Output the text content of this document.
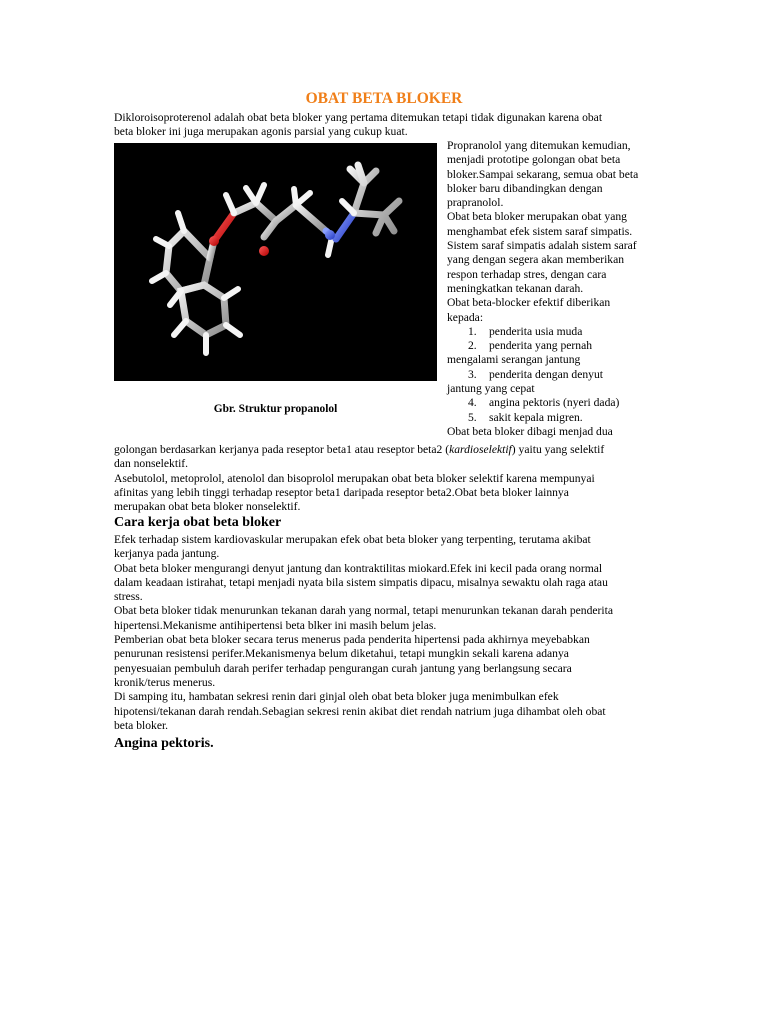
OBAT BETA BLOKER
Dikloroisoproterenol adalah obat beta bloker yang pertama ditemukan tetapi tidak digunakan karena obat
beta bloker ini juga merupakan agonis parsial yang cukup kuat.
Gbr. Struktur propanolol
Propranolol yang ditemukan kemudian,
menjadi prototipe golongan obat beta
bloker.Sampai sekarang, semua obat beta
bloker baru dibandingkan dengan
prapranolol.
Obat beta bloker merupakan obat yang
menghambat efek sistem saraf simpatis.
Sistem saraf simpatis adalah sistem saraf
yang dengan segera akan memberikan
respon terhadap stres, dengan cara
meningkatkan tekanan darah.
Obat beta-blocker efektif diberikan
kepada:
1. penderita usia muda
2. penderita yang pernah
mengalami serangan jantung
3. penderita dengan denyut
jantung yang cepat
4. angina pektoris (nyeri dada)
5. sakit kepala migren.
Obat beta bloker dibagi menjad dua
golongan berdasarkan kerjanya pada reseptor beta1 atau reseptor beta2 (kardioselektif) yaitu yang selektif
dan nonselektif.
Asebutolol, metoprolol, atenolol dan bisoprolol merupakan obat beta bloker selektif karena mempunyai
afinitas yang lebih tinggi terhadap reseptor beta1 daripada reseptor beta2.Obat beta bloker lainnya
merupakan obat beta bloker nonselektif.
Cara kerja obat beta bloker
Efek terhadap sistem kardiovaskular merupakan efek obat beta bloker yang terpenting, terutama akibat
kerjanya pada jantung.
Obat beta bloker mengurangi denyut jantung dan kontraktilitas miokard.Efek ini kecil pada orang normal
dalam keadaan istirahat, tetapi menjadi nyata bila sistem simpatis dipacu, misalnya sewaktu olah raga atau
stress.
Obat beta bloker tidak menurunkan tekanan darah yang normal, tetapi menurunkan tekanan darah penderita
hipertensi.Mekanisme antihipertensi beta blker ini masih belum jelas.
Pemberian obat beta bloker secara terus menerus pada penderita hipertensi pada akhirnya meyebabkan
penurunan resistensi perifer.Mekanismenya belum diketahui, tetapi mungkin sekali karena adanya
penyesuaian pembuluh darah perifer terhadap pengurangan curah jantung yang berlangsung secara
kronik/terus menerus.
Di samping itu, hambatan sekresi renin dari ginjal oleh obat beta bloker juga menimbulkan efek
hipotensi/tekanan darah rendah.Sebagian sekresi renin akibat diet rendah natrium juga dihambat oleh obat
beta bloker.
Angina pektoris.
